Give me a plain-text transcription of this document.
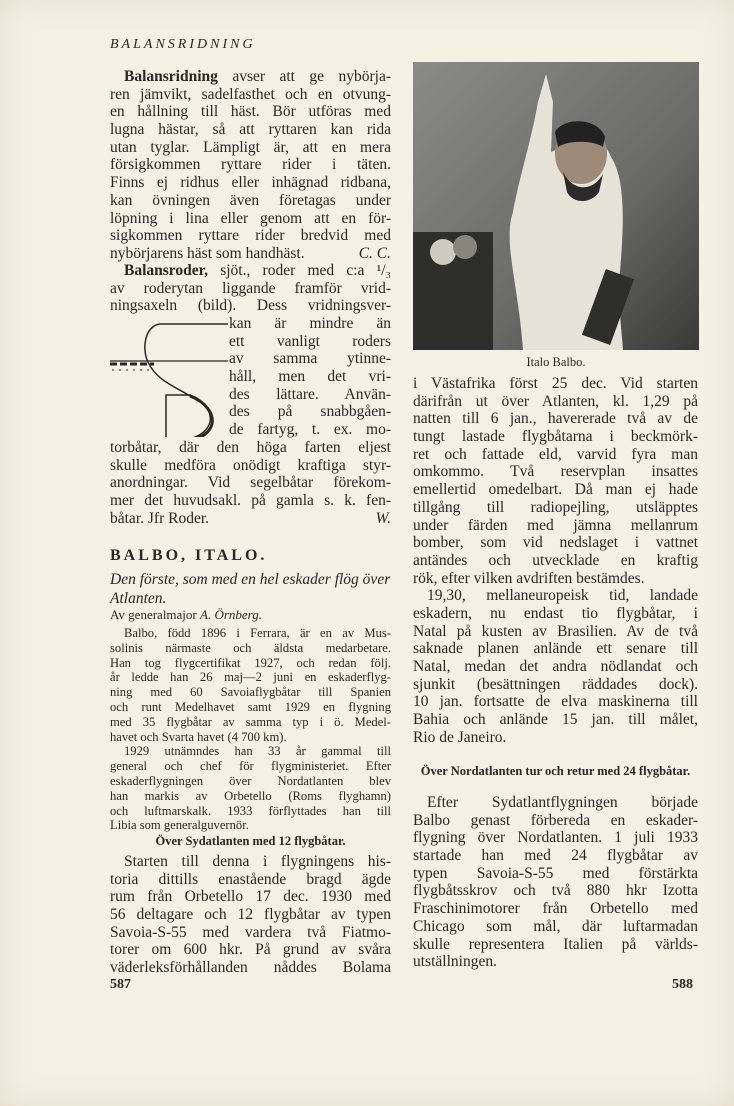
BALANSRIDNING
Balansridning avser att ge nybörja-
ren jämvikt, sadelfasthet och en otvung-
en hållning till häst. Bör utföras med
lugna hästar, så att ryttaren kan rida
utan tyglar. Lämpligt är, att en mera
försigkommen ryttare rider i täten.
Finns ej ridhus eller inhägnad ridbana,
kan övningen även företagas under
löpning i lina eller genom att en för-
sigkommen ryttare rider bredvid med
C. C.
nybörjarens häst som handhäst.
Balansroder, sjöt., roder med c:a ¹/₃
av roderytan liggande framför vrid-
ningsaxeln (bild). Dess vridningsver-
kan är mindre än
ett vanligt roders
av samma ytinne-
håll, men det vri-
des lättare. Använ-
des på snabbgåen-
de fartyg, t. ex. mo-
torbåtar, där den höga farten eljest
skulle medföra onödigt kraftiga styr-
anordningar. Vid segelbåtar förekom-
mer det huvudsakl. på gamla s. k. fen-
W.
båtar. Jfr Roder.
BALBO, ITALO.
Den förste, som med en hel eskader flög över Atlanten.
Av generalmajor A. Örnberg.
Balbo, född 1896 i Ferrara, är en av Mus-
solinis närmaste och äldsta medarbetare.
Han tog flygcertifikat 1927, och redan följ.
år ledde han 26 maj—2 juni en eskaderflyg-
ning med 60 Savoiaflygbåtar till Spanien
och runt Medelhavet samt 1929 en flygning
med 35 flygbåtar av samma typ i ö. Medel-
havet och Svarta havet (4 700 km).
1929 utnämndes han 33 år gammal till
general och chef för flygministeriet. Efter
eskaderflygningen över Nordatlanten blev
han markis av Orbetello (Roms flyghamn)
och luftmarskalk. 1933 förflyttades han till
Libia som generalguvernör.
Över Sydatlanten med 12 flygbåtar.
Starten till denna i flygningens his-
toria dittills enastående bragd ägde
rum från Orbetello 17 dec. 1930 med
56 deltagare och 12 flygbåtar av typen
Savoia-S-55 med vardera två Fiatmo-
torer om 600 hkr. På grund av svåra
väderleksförhållanden nåddes Bolama
587
Italo Balbo.
i Västafrika först 25 dec. Vid starten
därifrån ut över Atlanten, kl. 1,29 på
natten till 6 jan., havererade två av de
tungt lastade flygbåtarna i beckmörk-
ret och fattade eld, varvid fyra man
omkommo. Två reservplan insattes
emellertid omedelbart. Då man ej hade
tillgång till radiopejling, utsläpptes
under färden med jämna mellanrum
bomber, som vid nedslaget i vattnet
antändes och utvecklade en kraftig
rök, efter vilken avdriften bestämdes.
19,30, mellaneuropeisk tid, landade
eskadern, nu endast tio flygbåtar, i
Natal på kusten av Brasilien. Av de två
saknade planen anlände ett senare till
Natal, medan det andra nödlandat och
sjunkit (besättningen räddades dock).
10 jan. fortsatte de elva maskinerna till
Bahia och anlände 15 jan. till målet,
Rio de Janeiro.
Över Nordatlanten tur och retur med 24 flygbåtar.
Efter Sydatlantflygningen började
Balbo genast förbereda en eskader-
flygning över Nordatlanten. 1 juli 1933
startade han med 24 flygbåtar av
typen Savoia-S-55 med förstärkta
flygbåtsskrov och två 880 hkr Izotta
Fraschinimotorer från Orbetello med
Chicago som mål, där luftarmadan
skulle representera Italien på världs-
utställningen.
588
